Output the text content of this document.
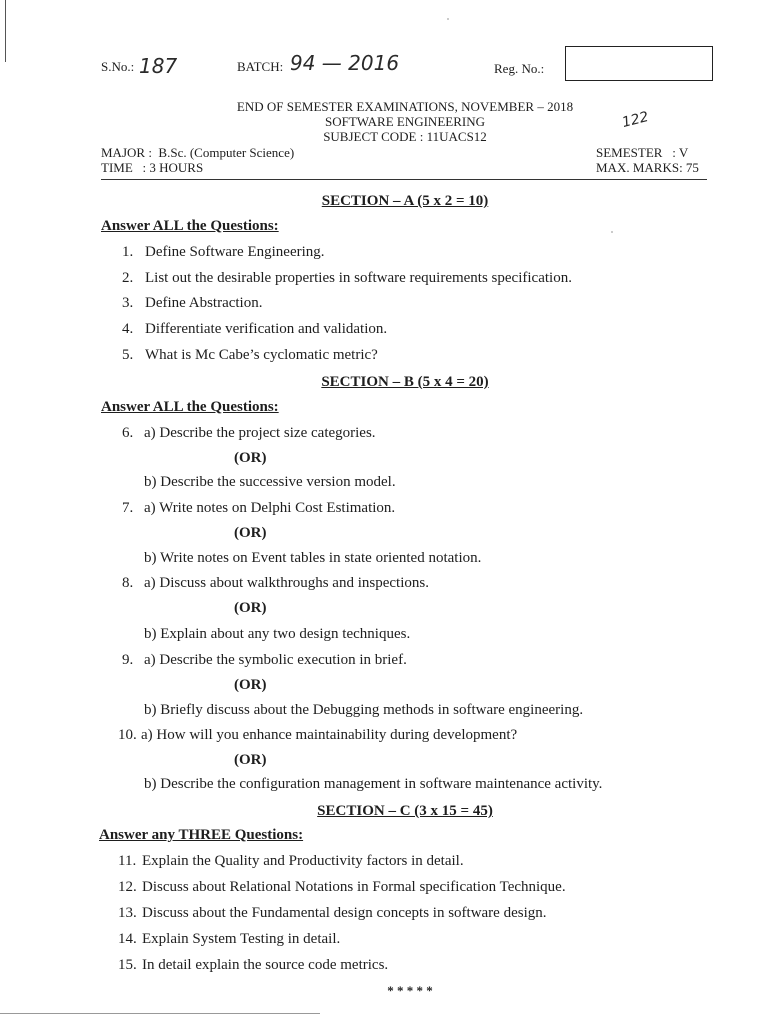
S.No.: 187	BATCH: 94 — 2016	Reg. No.:
END OF SEMESTER EXAMINATIONS, NOVEMBER – 2018
SOFTWARE ENGINEERING
SUBJECT CODE : 11UACS12
122
MAJOR :  B.Sc. (Computer Science)
TIME   : 3 HOURS
SEMESTER   : V
MAX. MARKS: 75
SECTION – A (5 x 2 = 10)
Answer ALL the Questions:
1. Define Software Engineering.
2. List out the desirable properties in software requirements specification.
3. Define Abstraction.
4. Differentiate verification and validation.
5. What is Mc Cabe’s cyclomatic metric?
SECTION – B (5 x 4 = 20)
Answer ALL the Questions:
6. a) Describe the project size categories.
(OR)
b) Describe the successive version model.
7. a) Write notes on Delphi Cost Estimation.
(OR)
b) Write notes on Event tables in state oriented notation.
8. a) Discuss about walkthroughs and inspections.
(OR)
b) Explain about any two design techniques.
9. a) Describe the symbolic execution in brief.
(OR)
b) Briefly discuss about the Debugging methods in software engineering.
10. a) How will you enhance maintainability during development?
(OR)
b) Describe the configuration management in software maintenance activity.
SECTION – C (3 x 15 = 45)
Answer any THREE Questions:
11. Explain the Quality and Productivity factors in detail.
12. Discuss about Relational Notations in Formal specification Technique.
13. Discuss about the Fundamental design concepts in software design.
14. Explain System Testing in detail.
15. In detail explain the source code metrics.
* * * * *
